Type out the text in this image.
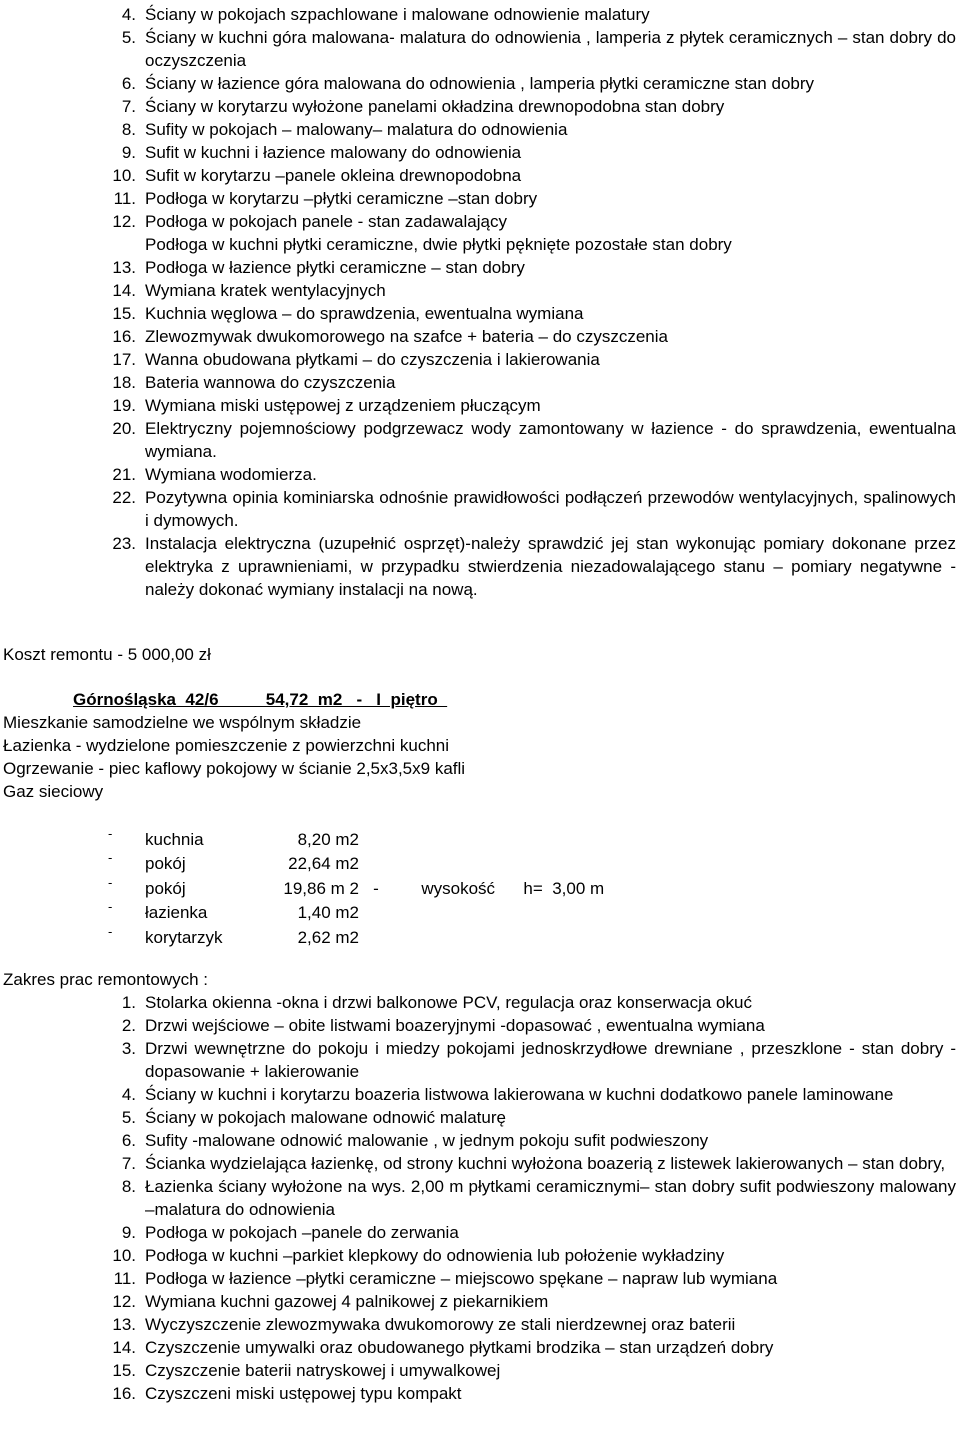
4. Ściany w pokojach szpachlowane i malowane odnowienie malatury
5. Ściany w kuchni góra malowana- malatura do odnowienia , lamperia z płytek ceramicznych – stan dobry do oczyszczenia
6. Ściany w łazience góra malowana do odnowienia , lamperia płytki ceramiczne stan dobry
7. Ściany w korytarzu wyłożone panelami okładzina drewnopodobna stan dobry
8. Sufity w pokojach – malowany– malatura do odnowienia
9. Sufit w kuchni i łazience malowany do odnowienia
10. Sufit w korytarzu –panele okleina drewnopodobna
11. Podłoga w korytarzu –płytki ceramiczne –stan dobry
12. Podłoga w pokojach panele - stan zadawalający
Podłoga w kuchni płytki ceramiczne, dwie płytki pęknięte pozostałe stan dobry
13. Podłoga w łazience płytki ceramiczne – stan dobry
14. Wymiana kratek wentylacyjnych
15. Kuchnia węglowa – do sprawdzenia, ewentualna wymiana
16. Zlewozmywak dwukomorowego na szafce + bateria – do czyszczenia
17. Wanna obudowana płytkami – do czyszczenia i lakierowania
18. Bateria wannowa do czyszczenia
19. Wymiana miski ustępowej z urządzeniem płuczącym
20. Elektryczny pojemnościowy podgrzewacz wody zamontowany w łazience - do sprawdzenia, ewentualna wymiana.
21. Wymiana wodomierza.
22. Pozytywna opinia kominiarska odnośnie prawidłowości podłączeń przewodów wentylacyjnych, spalinowych i dymowych.
23. Instalacja elektryczna (uzupełnić osprzęt)-należy sprawdzić jej stan wykonując pomiary dokonane przez elektryka z uprawnieniami, w przypadku stwierdzenia niezadowalającego stanu – pomiary negatywne -należy dokonać wymiany instalacji na nową.
Koszt remontu - 5 000,00 zł
Górnośląska  42/6          54,72  m2   -   I  piętro
Mieszkanie samodzielne we wspólnym składzie
Łazienka - wydzielone pomieszczenie z powierzchni kuchni
Ogrzewanie - piec kaflowy pokojowy w ścianie 2,5x3,5x9 kafli
Gaz sieciowy
-	kuchnia	8,20 m2
-	pokój	22,64 m2
-	pokój	19,86 m 2 -         wysokość      h=  3,00 m
-	łazienka	1,40 m2
-	korytarzyk	2,62 m2
Zakres prac remontowych :
1. Stolarka okienna -okna i drzwi balkonowe PCV, regulacja oraz konserwacja okuć
2. Drzwi wejściowe – obite listwami boazeryjnymi -dopasować , ewentualna wymiana
3. Drzwi wewnętrzne do pokoju i miedzy pokojami jednoskrzydłowe drewniane , przeszklone - stan dobry - dopasowanie + lakierowanie
4. Ściany w kuchni i korytarzu boazeria listwowa lakierowana w kuchni dodatkowo panele laminowane
5. Ściany w pokojach malowane odnowić malaturę
6. Sufity -malowane odnowić malowanie , w jednym pokoju sufit podwieszony
7. Ścianka wydzielająca łazienkę, od strony kuchni wyłożona boazerią z listewek lakierowanych – stan dobry,
8. Łazienka ściany wyłożone na wys. 2,00 m płytkami ceramicznymi– stan dobry sufit podwieszony malowany –malatura do odnowienia
9. Podłoga w pokojach –panele do zerwania
10. Podłoga w kuchni –parkiet klepkowy do odnowienia lub położenie wykładziny
11. Podłoga w łazience –płytki ceramiczne – miejscowo spękane – napraw lub wymiana
12. Wymiana kuchni gazowej 4 palnikowej z piekarnikiem
13. Wyczyszczenie zlewozmywaka dwukomorowy ze stali nierdzewnej oraz baterii
14. Czyszczenie umywalki oraz obudowanego płytkami brodzika – stan urządzeń dobry
15. Czyszczenie baterii natryskowej i umywalkowej
16. Czyszczeni miski ustępowej typu kompakt
